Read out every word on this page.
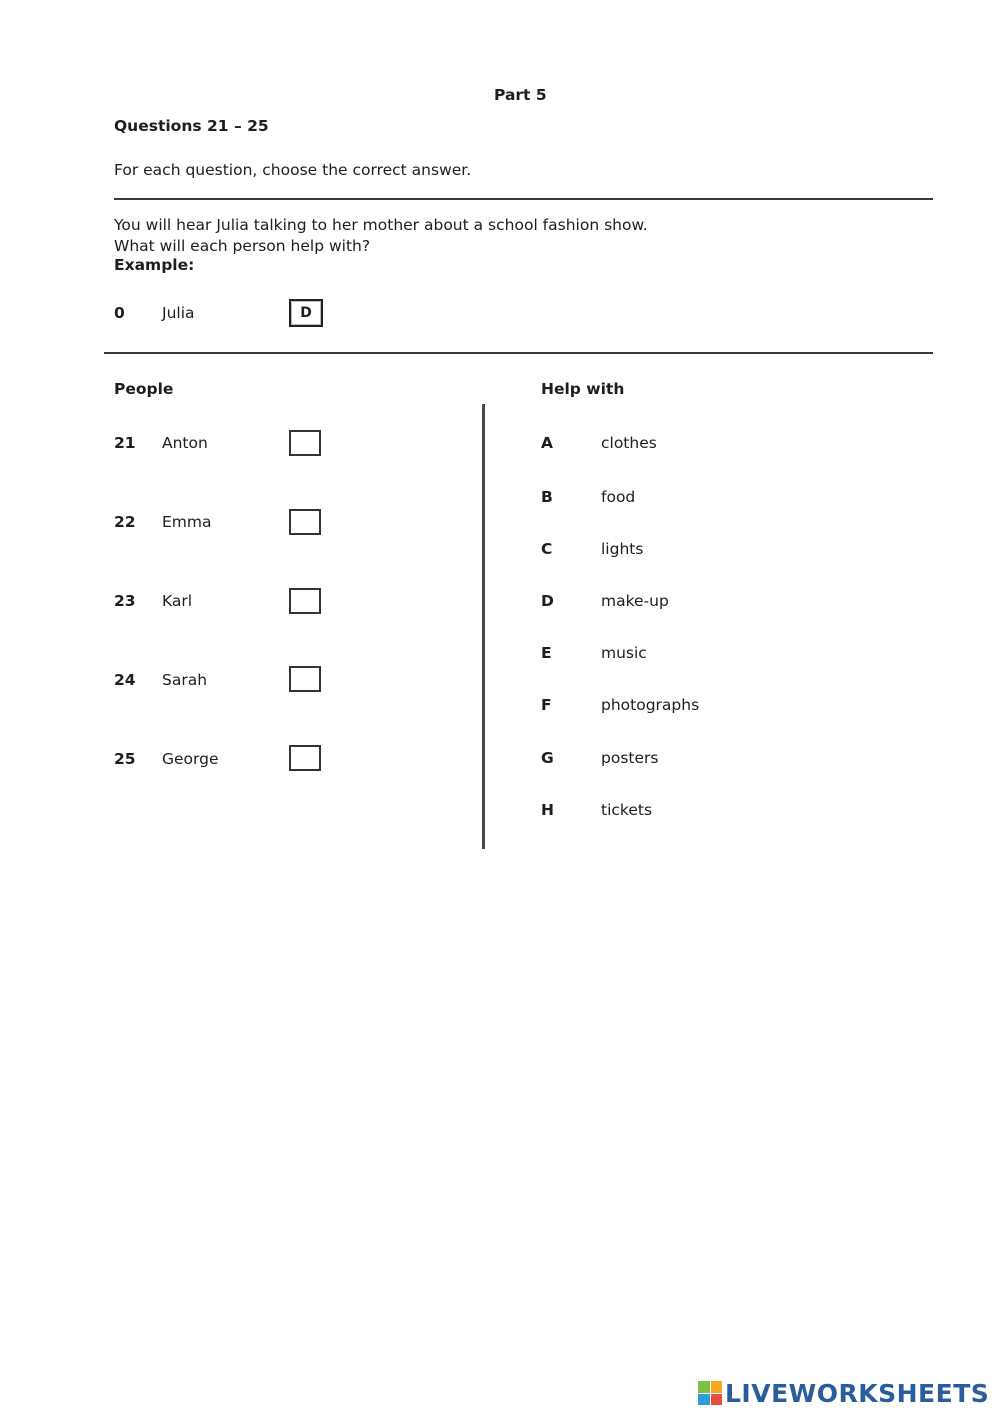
Part 5
Questions 21 – 25
For each question, choose the correct answer.
You will hear Julia talking to her mother about a school fashion show.
What will each person help with?
Example:
0 Julia	D
People
21 Anton
22 Emma
23 Karl
24 Sarah
25 George
Help with
A	clothes
B	food
C	lights
D	make-up
E	music
F	photographs
G	posters
H	tickets
LIVEWORKSHEETS
